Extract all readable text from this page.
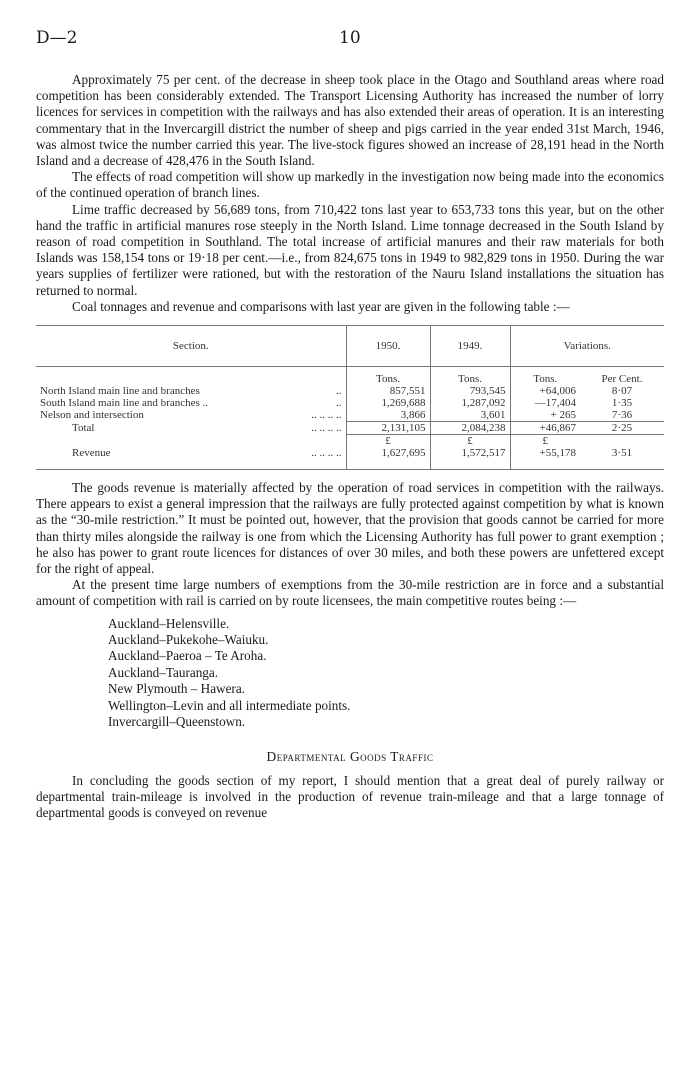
D—2	10

Approximately 75 per cent. of the decrease in sheep took place in the Otago and Southland areas where road competition has been considerably extended. The Transport Licensing Authority has increased the number of lorry licences for services in competition with the railways and has also extended their areas of operation. It is an interesting commentary that in the Invercargill district the number of sheep and pigs carried in the year ended 31st March, 1946, was almost twice the number carried this year. The live-stock figures showed an increase of 28,191 head in the North Island and a decrease of 428,476 in the South Island.

The effects of road competition will show up markedly in the investigation now being made into the economics of the continued operation of branch lines.

Lime traffic decreased by 56,689 tons, from 710,422 tons last year to 653,733 tons this year, but on the other hand the traffic in artificial manures rose steeply in the North Island. Lime tonnage decreased in the South Island by reason of road competition in Southland. The total increase of artificial manures and their raw materials for both Islands was 158,154 tons or 19·18 per cent.—i.e., from 824,675 tons in 1949 to 982,829 tons in 1950. During the war years supplies of fertilizer were rationed, but with the restoration of the Nauru Island installations the situation has returned to normal.

Coal tonnages and revenue and comparisons with last year are given in the following table :—

Section.	1950.	1949.	Variations.	

	Tons.	Tons.	Tons.	Per Cent.
North Island main line and branches ..	857,551	793,545	+64,006	8·07
South Island main line and branches .. ..	1,269,688	1,287,092	—17,404	1·35
Nelson and intersection .. .. .. ..	3,866	3,601	+ 265	7·36
Total .. .. .. ..	2,131,105	2,084,238	+46,867	2·25
	£	£	£	
Revenue .. .. .. ..	1,627,695	1,572,517	+55,178	3·51

The goods revenue is materially affected by the operation of road services in competition with the railways. There appears to exist a general impression that the railways are fully protected against competition by what is known as the “30-mile restriction.” It must be pointed out, however, that the provision that goods cannot be carried for more than thirty miles alongside the railway is one from which the Licensing Authority has full power to grant exemption ; he also has power to grant route licences for distances of over 30 miles, and both these powers are unfettered except for the right of appeal.

At the present time large numbers of exemptions from the 30-mile restriction are in force and a substantial amount of competition with rail is carried on by route licensees, the main competitive routes being :—

Auckland–Helensville.
Auckland–Pukekohe–Waiuku.
Auckland–Paeroa – Te Aroha.
Auckland–Tauranga.
New Plymouth – Hawera.
Wellington–Levin and all intermediate points.
Invercargill–Queenstown.
Departmental Goods Traffic

In concluding the goods section of my report, I should mention that a great deal of purely railway or departmental train-mileage is involved in the production of revenue train-mileage and that a large tonnage of departmental goods is conveyed on revenue
